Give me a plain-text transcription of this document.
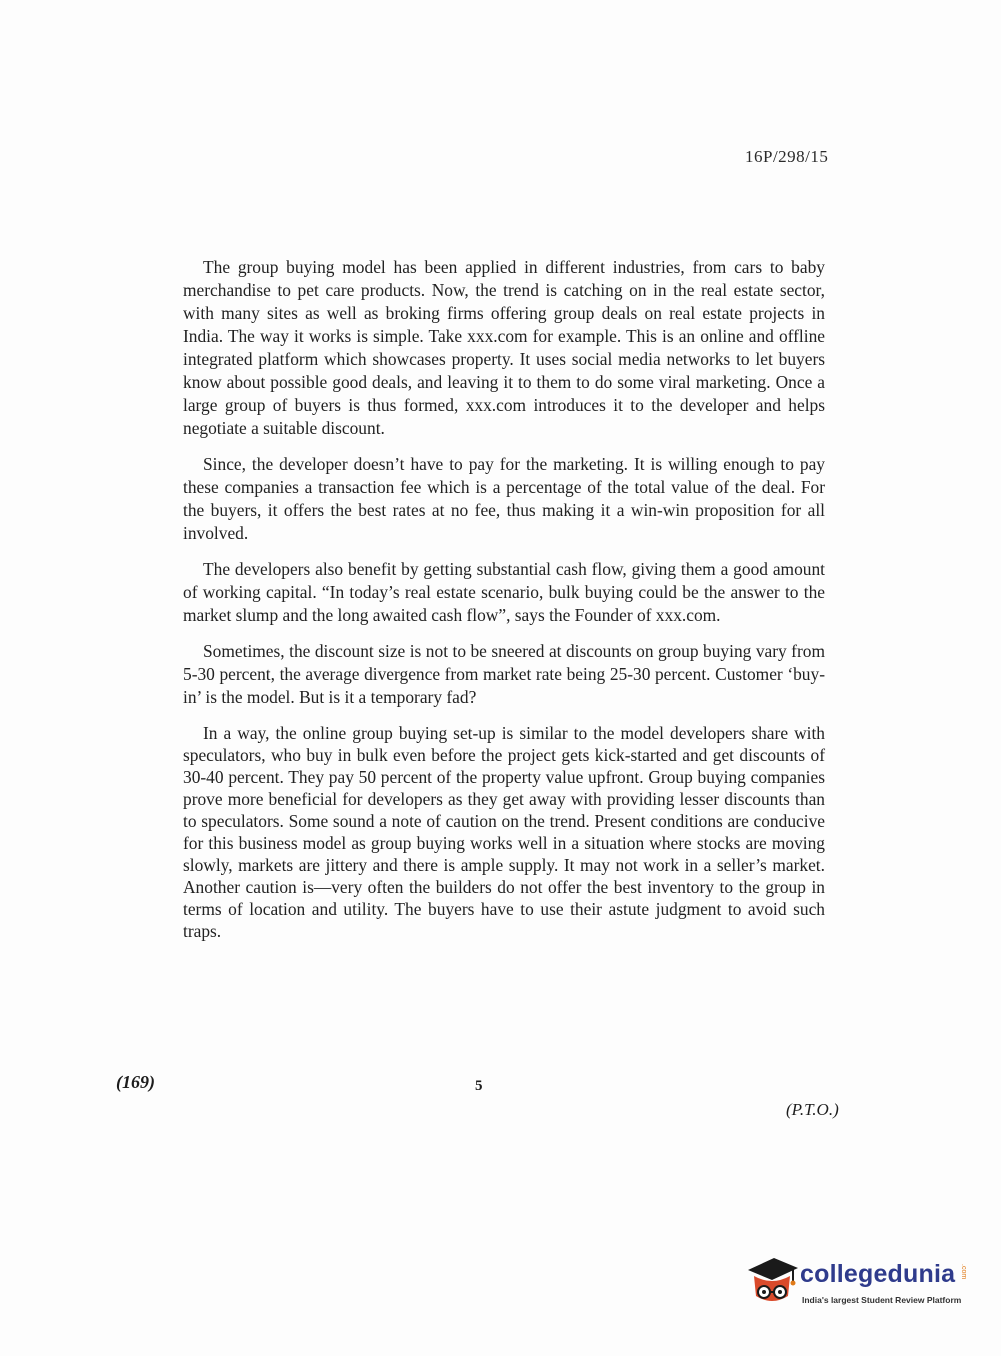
16P/298/15

The group buying model has been applied in different industries, from cars to baby merchandise to pet care products. Now, the trend is catching on in the real estate sector, with many sites as well as broking firms offering group deals on real estate projects in India. The way it works is simple. Take xxx.com for example. This is an online and offline integrated platform which showcases property. It uses social media networks to let buyers know about possible good deals, and leaving it to them to do some viral marketing. Once a large group of buyers is thus formed, xxx.com introduces it to the developer and helps negotiate a suitable discount.

Since, the developer doesn’t have to pay for the marketing. It is willing enough to pay these companies a transaction fee which is a percentage of the total value of the deal. For the buyers, it offers the best rates at no fee, thus making it a win-win proposition for all involved.

The developers also benefit by getting substantial cash flow, giving them a good amount of working capital. “In today’s real estate scenario, bulk buying could be the answer to the market slump and the long awaited cash flow”, says the Founder of xxx.com.

Sometimes, the discount size is not to be sneered at discounts on group buying vary from 5-30 percent, the average divergence from market rate being 25-30 percent. Customer ‘buy-in’ is the model. But is it a temporary fad?

In a way, the online group buying set-up is similar to the model developers share with speculators, who buy in bulk even before the project gets kick-started and get discounts of 30-40 percent. They pay 50 percent of the property value upfront. Group buying companies prove more beneficial for developers as they get away with providing lesser discounts than to speculators. Some sound a note of caution on the trend. Present conditions are conducive for this business model as group buying works well in a situation where stocks are moving slowly, markets are jittery and there is ample supply. It may not work in a seller’s market. Another caution is—very often the builders do not offer the best inventory to the group in terms of location and utility. The buyers have to use their astute judgment to avoid such traps.

(169)	5
(P.T.O.)
collegedunia .com
India's largest Student Review Platform
